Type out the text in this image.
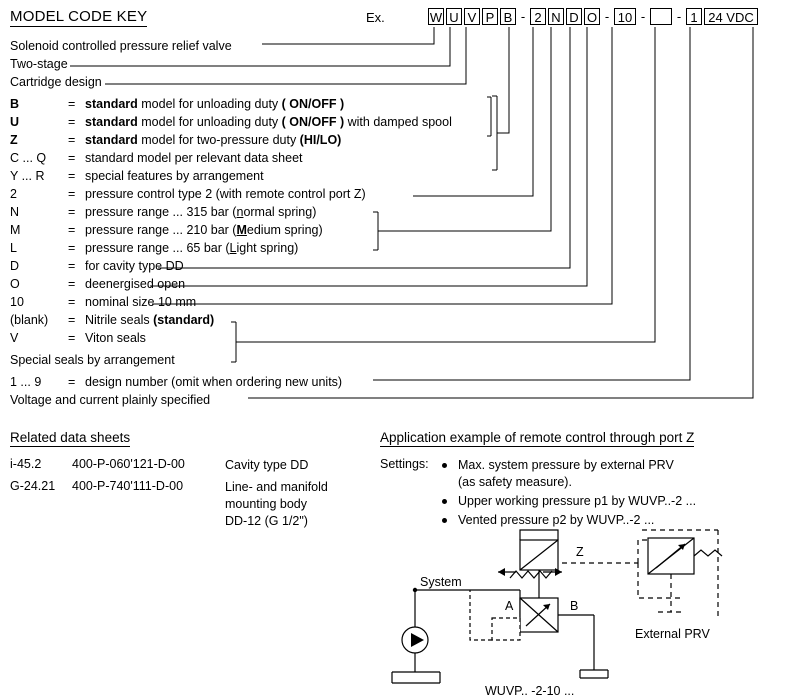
MODEL CODE KEY	Ex.	W U V P B - 2 N D O - 10 - - 1 24 VDC
Solenoid controlled pressure relief valve
Two-stage
Cartridge design
B	= standard model for unloading duty ( ON/OFF )
U	= standard model for unloading duty ( ON/OFF ) with damped spool
Z	= standard model for two-pressure duty (HI/LO)
C ... Q = standard model per relevant data sheet
Y ... R = special features by arrangement
2	= pressure control type 2 (with remote control port Z)
N	= pressure range ... 315 bar (normal spring)
M	= pressure range ... 210 bar (Medium spring)
L	= pressure range ... 65 bar (Light spring)
D	= for cavity type DD
O	= deenergised open
10	= nominal size 10 mm
(blank) = Nitrile seals (standard)
V	= Viton seals
Special seals by arrangement
1 ... 9 = design number (omit when ordering new units)
Voltage and current plainly specified
Related data sheets
i-45.2 400-P-060'121-D-00	Cavity type DD
G-24.21 400-P-740'111-D-00	Line- and manifold
mounting body
DD-12 (G 1/2")
Application example of remote control through port Z
Settings: Max. system pressure by external PRV
(as safety measure).
Upper working pressure p1 by WUVP..-2 ...
Vented pressure p2 by WUVP..-2 ...
System
A	B
Z
External PRV
WUVP.. -2-10 ...
